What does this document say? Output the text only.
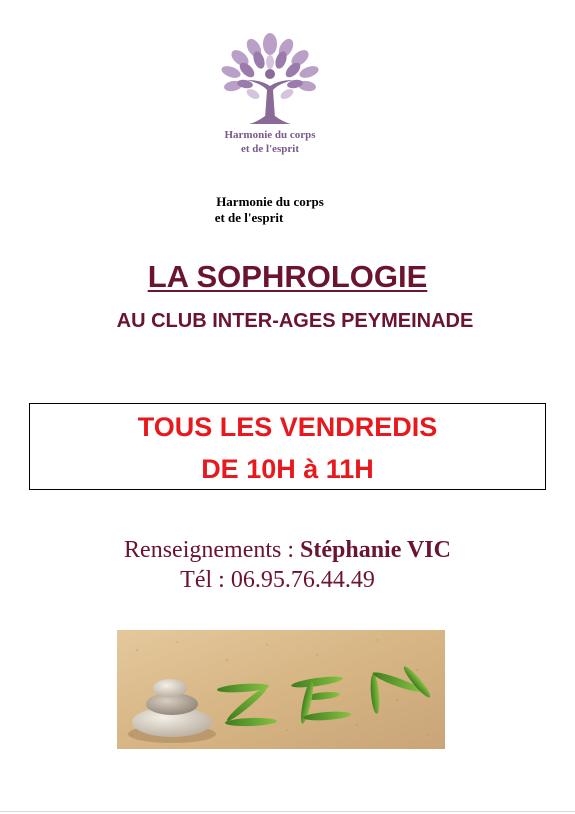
Harmonie du corps
et de l'esprit
Harmonie du corps
et de l'esprit
LA SOPHROLOGIE
AU CLUB INTER-AGES PEYMEINADE
TOUS LES VENDREDIS
DE 10H à 11H
Renseignements : Stéphanie VIC
Tél : 06.95.76.44.49
